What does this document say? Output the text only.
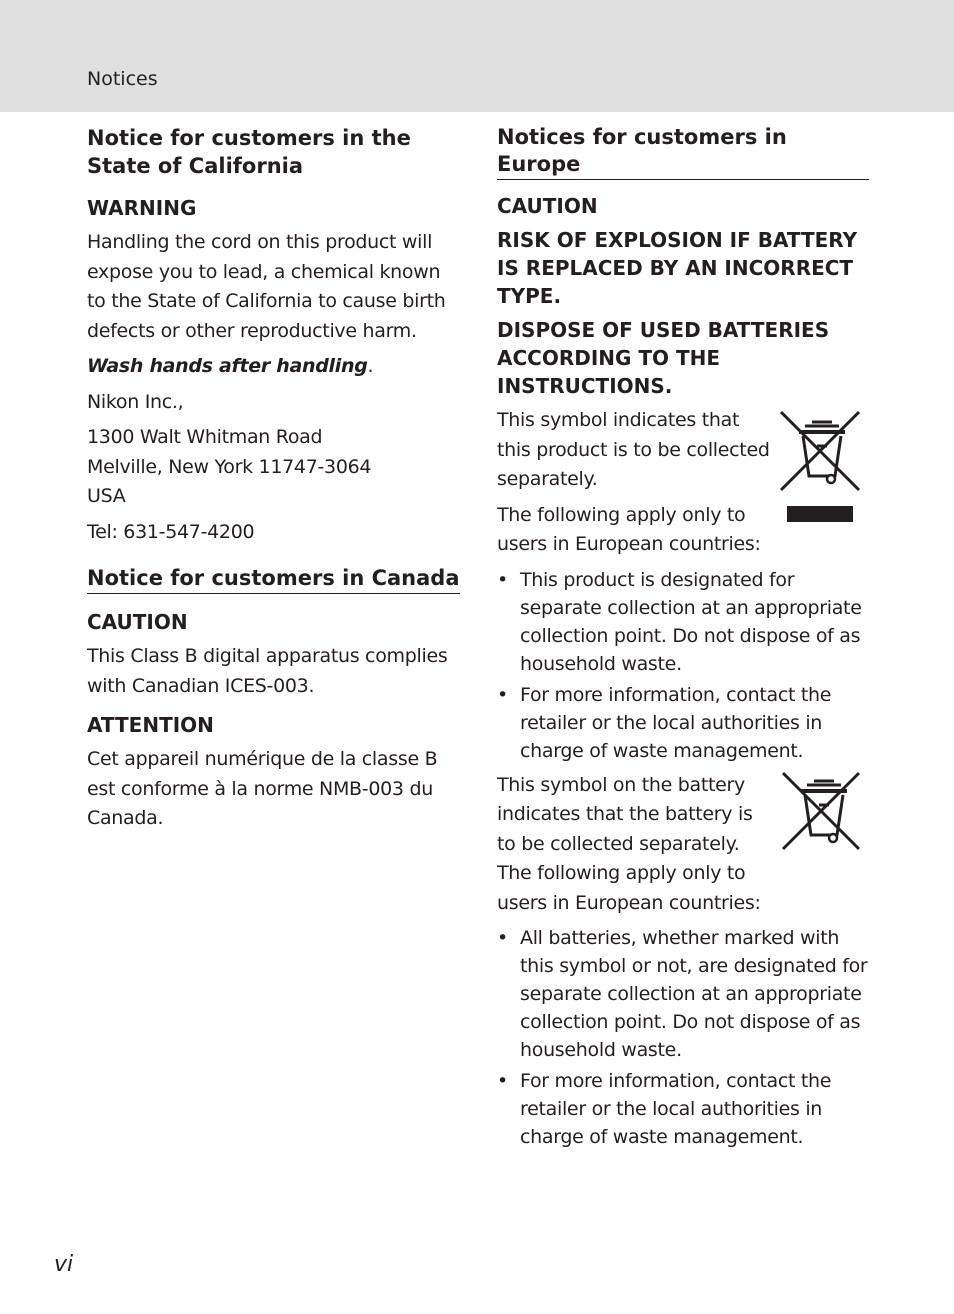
Notices
Notice for customers in the State of California
WARNING

Handling the cord on this product will expose you to lead, a chemical known to the State of California to cause birth defects or other reproductive harm.

Wash hands after handling.

Nikon Inc.,

1300 Walt Whitman Road

Melville, New York 11747-3064

USA

Tel: 631-547-4200

Notice for customers in Canada
CAUTION

This Class B digital apparatus complies with Canadian ICES-003.

ATTENTION

Cet appareil numérique de la classe B est conforme à la norme NMB-003 du Canada.

Notices for customers in Europe
CAUTION
RISK OF EXPLOSION IF BATTERY IS REPLACED BY AN INCORRECT TYPE.
DISPOSE OF USED BATTERIES ACCORDING TO THE INSTRUCTIONS.

This symbol indicates that this product is to be collected separately.

The following apply only to users in European countries:

• This product is designated for separate collection at an appropriate collection point. Do not dispose of as household waste.
• For more information, contact the retailer or the local authorities in charge of waste management.

This symbol on the battery indicates that the battery is to be collected separately.

The following apply only to users in European countries:

• All batteries, whether marked with this symbol or not, are designated for separate collection at an appropriate collection point. Do not dispose of as household waste.
• For more information, contact the retailer or the local authorities in charge of waste management.
vi
